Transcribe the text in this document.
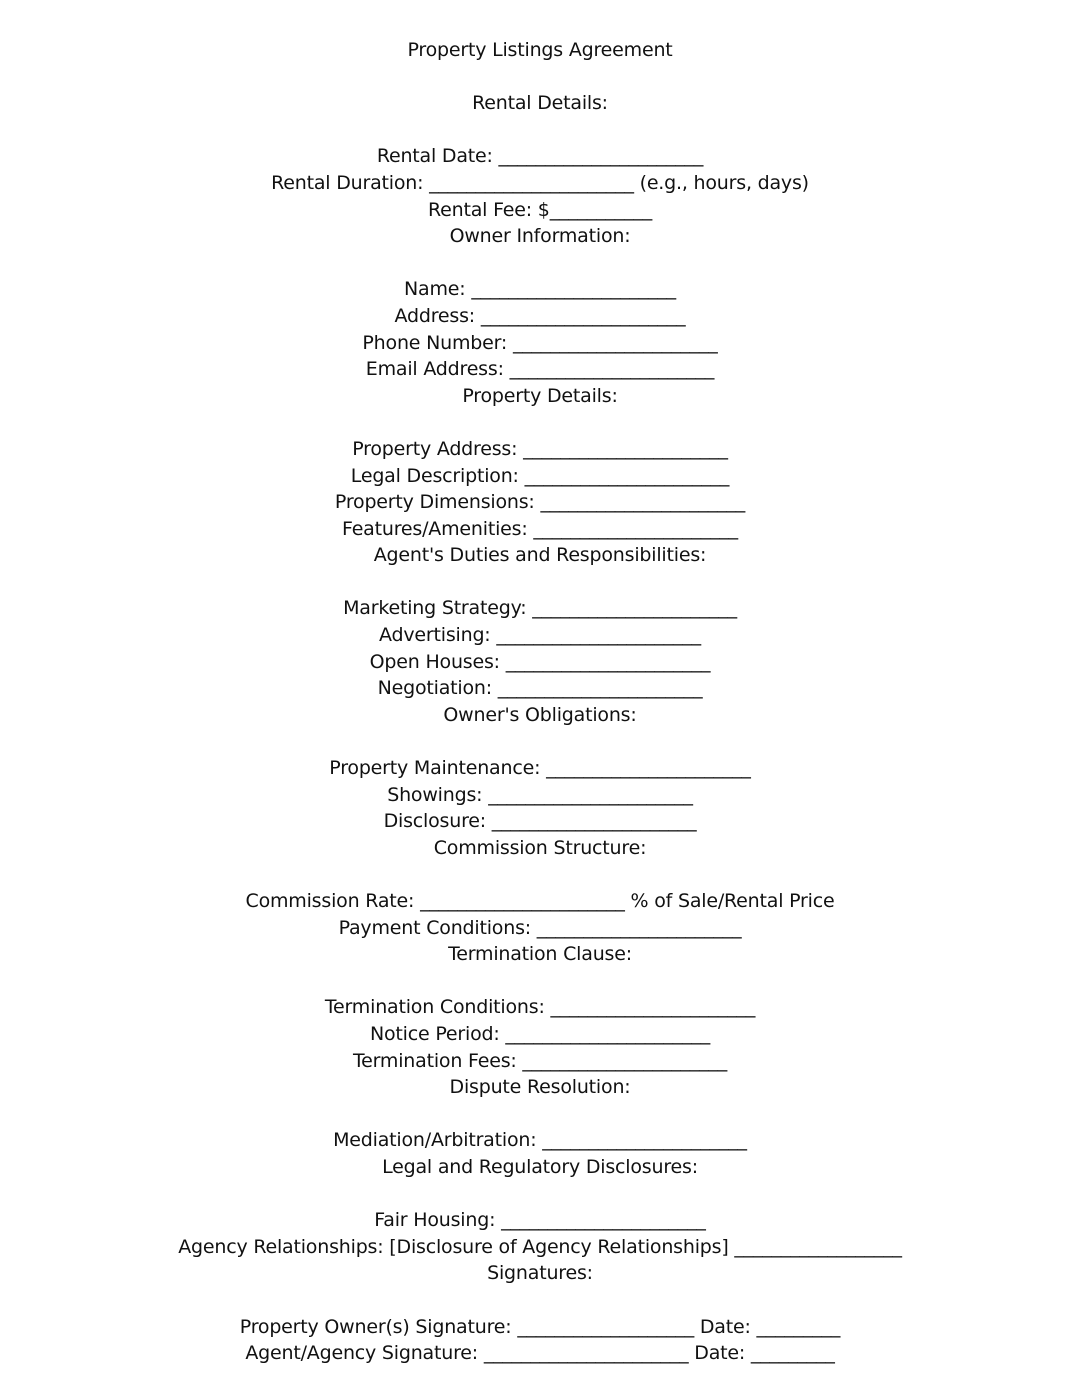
Property Listings Agreement
Rental Details:
Rental Date: ______________________
Rental Duration: ______________________ (e.g., hours, days)
Rental Fee: $___________
Owner Information:
Name: ______________________
Address: ______________________
Phone Number: ______________________
Email Address: ______________________
Property Details:
Property Address: ______________________
Legal Description: ______________________
Property Dimensions: ______________________
Features/Amenities: ______________________
Agent's Duties and Responsibilities:
Marketing Strategy: ______________________
Advertising: ______________________
Open Houses: ______________________
Negotiation: ______________________
Owner's Obligations:
Property Maintenance: ______________________
Showings: ______________________
Disclosure: ______________________
Commission Structure:
Commission Rate: ______________________ % of Sale/Rental Price
Payment Conditions: ______________________
Termination Clause:
Termination Conditions: ______________________
Notice Period: ______________________
Termination Fees: ______________________
Dispute Resolution:
Mediation/Arbitration: ______________________
Legal and Regulatory Disclosures:
Fair Housing: ______________________
Agency Relationships: [Disclosure of Agency Relationships] __________________
Signatures:
Property Owner(s) Signature: ___________________ Date: _________
Agent/Agency Signature: ______________________ Date: _________
